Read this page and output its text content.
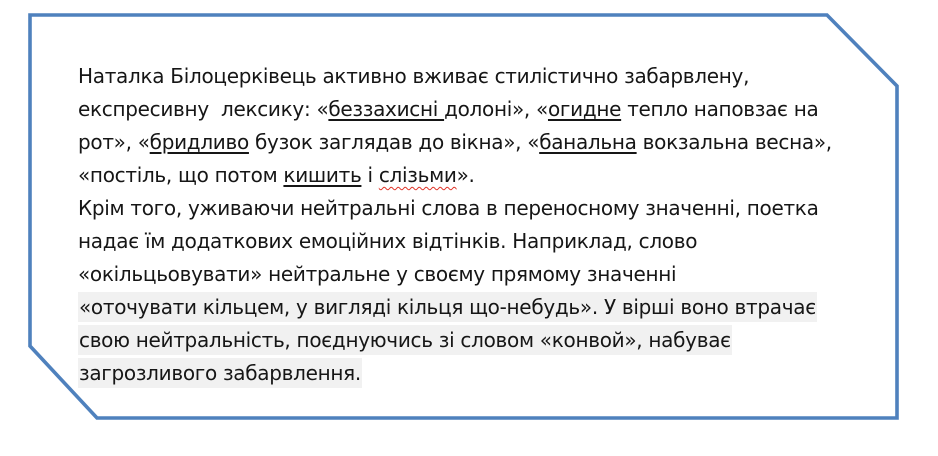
Наталка Білоцерківець активно вживає стилістично забарвлену,
експресивну  лексику: «беззахисні долоні», «огидне тепло наповзає на
рот», «бридливо бузок заглядав до вікна», «банальна вокзальна весна»,
«постіль, що потом кишить і слізьми».
Крім того, уживаючи нейтральні слова в переносному значенні, поетка
надає їм додаткових емоційних відтінків. Наприклад, слово
«окільцьовувати» нейтральне у своєму прямому значенні
«оточувати кільцем, у вигляді кільця що-небудь». У вірші воно втрачає
свою нейтральність, поєднуючись зі словом «конвой», набуває
загрозливого забарвлення.
